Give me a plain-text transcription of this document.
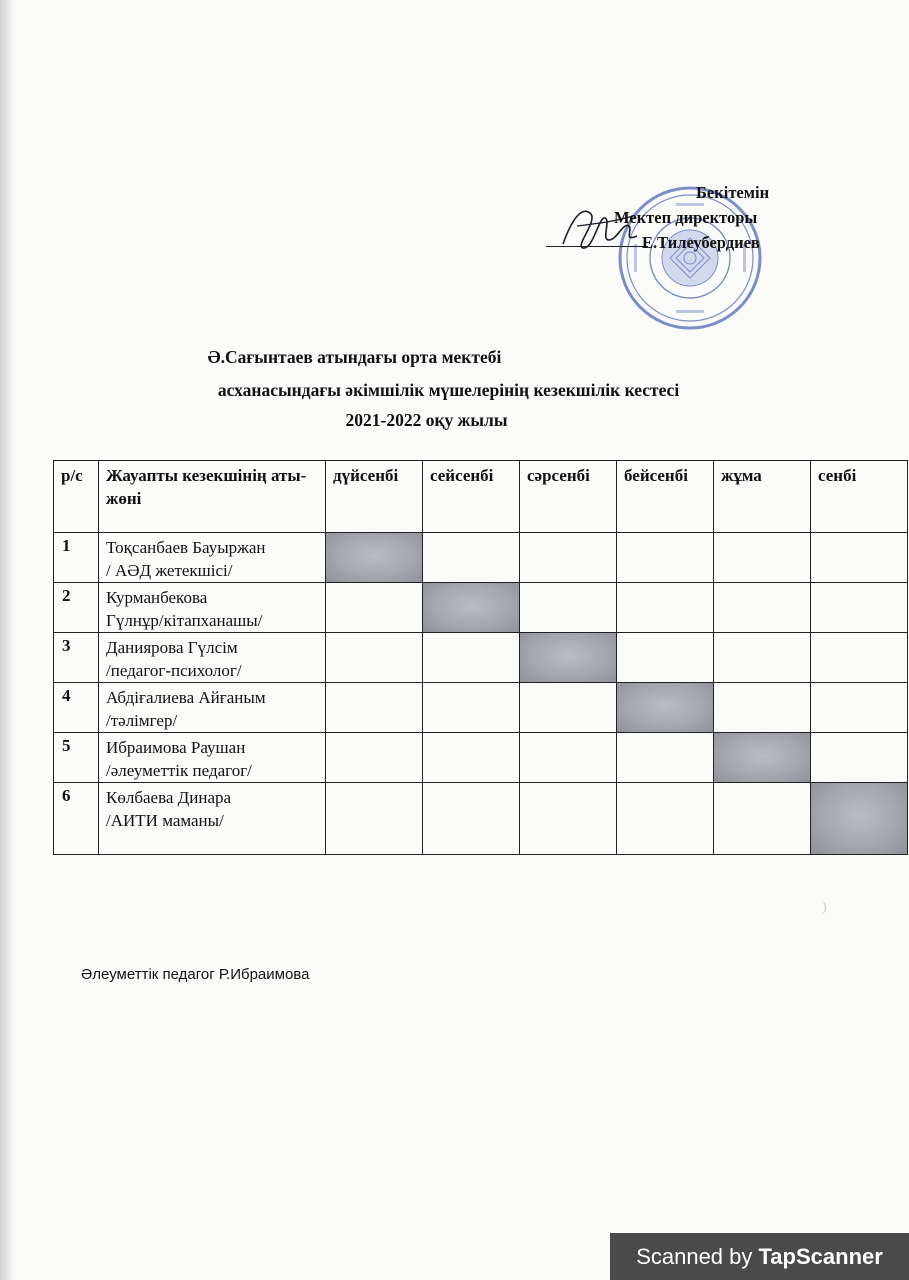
Бекітемін
Мектеп директоры
Е.Тилеубердиев
Ә.Сағынтаев атындағы орта мектебі
асханасындағы әкімшілік мүшелерінің кезекшілік кестесі
2021-2022 оқу жылы
р/с	Жауапты кезекшінің аты-жөні	дүйсенбі	сейсенбі	сәрсенбі	бейсенбі	жұма	сенбі

1	Тоқсанбаев Бауыржан
/ АӘД жетекшісі/						

2	Курманбекова
Гүлнұр/кітапханашы/						

3	Даниярова Гүлсім
/педагог-психолог/						

4	Абдіғалиева Айғаным
/тәлімгер/						

5	Ибраимова Раушан
/әлеуметтік педагог/						

6	Көлбаева Динара
/АИТИ маманы/						

)
Әлеуметтік педагог Р.Ибраимова
Scanned by TapScanner
